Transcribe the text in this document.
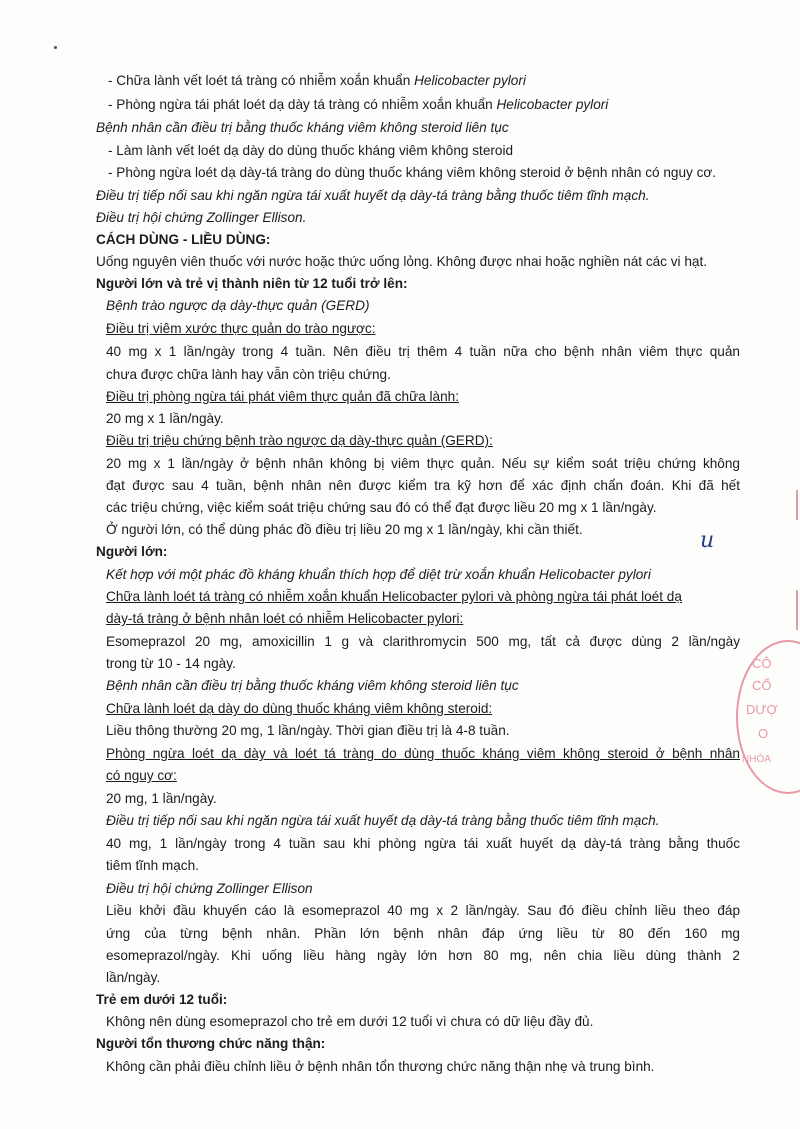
- Chữa lành vết loét tá tràng có nhiễm xoắn khuẩn Helicobacter pylori
- Phòng ngừa tái phát loét dạ dày tá tràng có nhiễm xoắn khuẩn Helicobacter pylori
Bệnh nhân cần điều trị bằng thuốc kháng viêm không steroid liên tục
- Làm lành vết loét dạ dày do dùng thuốc kháng viêm không steroid
- Phòng ngừa loét dạ dày-tá tràng do dùng thuốc kháng viêm không steroid ở bệnh nhân có nguy cơ.
Điều trị tiếp nối sau khi ngăn ngừa tái xuất huyết dạ dày-tá tràng bằng thuốc tiêm tĩnh mạch.
Điều trị hội chứng Zollinger Ellison.
CÁCH DÙNG - LIỀU DÙNG:
Uống nguyên viên thuốc với nước hoặc thức uống lỏng. Không được nhai hoặc nghiền nát các vi hạt.
Người lớn và trẻ vị thành niên từ 12 tuổi trở lên:
Bệnh trào ngược dạ dày-thực quản (GERD)
Điều trị viêm xước thực quản do trào ngược:
40 mg x 1 lần/ngày trong 4 tuần. Nên điều trị thêm 4 tuần nữa cho bệnh nhân viêm thực quản
chưa được chữa lành hay vẫn còn triệu chứng.
Điều trị phòng ngừa tái phát viêm thực quản đã chữa lành:
20 mg x 1 lần/ngày.
Điều trị triệu chứng bệnh trào ngược dạ dày-thực quản (GERD):
20 mg x 1 lần/ngày ở bệnh nhân không bị viêm thực quản. Nếu sự kiểm soát triệu chứng không
đạt được sau 4 tuần, bệnh nhân nên được kiểm tra kỹ hơn để xác định chẩn đoán. Khi đã hết
các triệu chứng, việc kiểm soát triệu chứng sau đó có thể đạt được liều 20 mg x 1 lần/ngày.
Ở người lớn, có thể dùng phác đồ điều trị liều 20 mg x 1 lần/ngày, khi cần thiết.
Người lớn:
Kết hợp với một phác đồ kháng khuẩn thích hợp để diệt trừ xoắn khuẩn Helicobacter pylori
Chữa lành loét tá tràng có nhiễm xoắn khuẩn Helicobacter pylori và phòng ngừa tái phát loét dạ
dày-tá tràng ở bệnh nhân loét có nhiễm Helicobacter pylori:
Esomeprazol 20 mg, amoxicillin 1 g và clarithromycin 500 mg, tất cả được dùng 2 lần/ngày
trong từ 10 - 14 ngày.
Bệnh nhân cần điều trị bằng thuốc kháng viêm không steroid liên tục
Chữa lành loét dạ dày do dùng thuốc kháng viêm không steroid:
Liều thông thường 20 mg, 1 lần/ngày. Thời gian điều trị là 4-8 tuần.
Phòng ngừa loét dạ dày và loét tá tràng do dùng thuốc kháng viêm không steroid ở bệnh nhân
có nguy cơ:
20 mg, 1 lần/ngày.
Điều trị tiếp nối sau khi ngăn ngừa tái xuất huyết dạ dày-tá tràng bằng thuốc tiêm tĩnh mạch.
40 mg, 1 lần/ngày trong 4 tuần sau khi phòng ngừa tái xuất huyết dạ dày-tá tràng bằng thuốc
tiêm tĩnh mạch.
Điều trị hội chứng Zollinger Ellison
Liều khởi đầu khuyến cáo là esomeprazol 40 mg x 2 lần/ngày. Sau đó điều chỉnh liều theo đáp
ứng của từng bệnh nhân. Phần lớn bệnh nhân đáp ứng liều từ 80 đến 160 mg
esomeprazol/ngày. Khi uống liều hàng ngày lớn hơn 80 mg, nên chia liều dùng thành 2
lần/ngày.
Trẻ em dưới 12 tuổi:
Không nên dùng esomeprazol cho trẻ em dưới 12 tuổi vì chưa có dữ liệu đầy đủ.
Người tổn thương chức năng thận:
Không cần phải điều chỉnh liều ở bệnh nhân tổn thương chức năng thận nhẹ và trung bình.
u
CÔ
CỔ
DƯỢ
O
NHÓA
